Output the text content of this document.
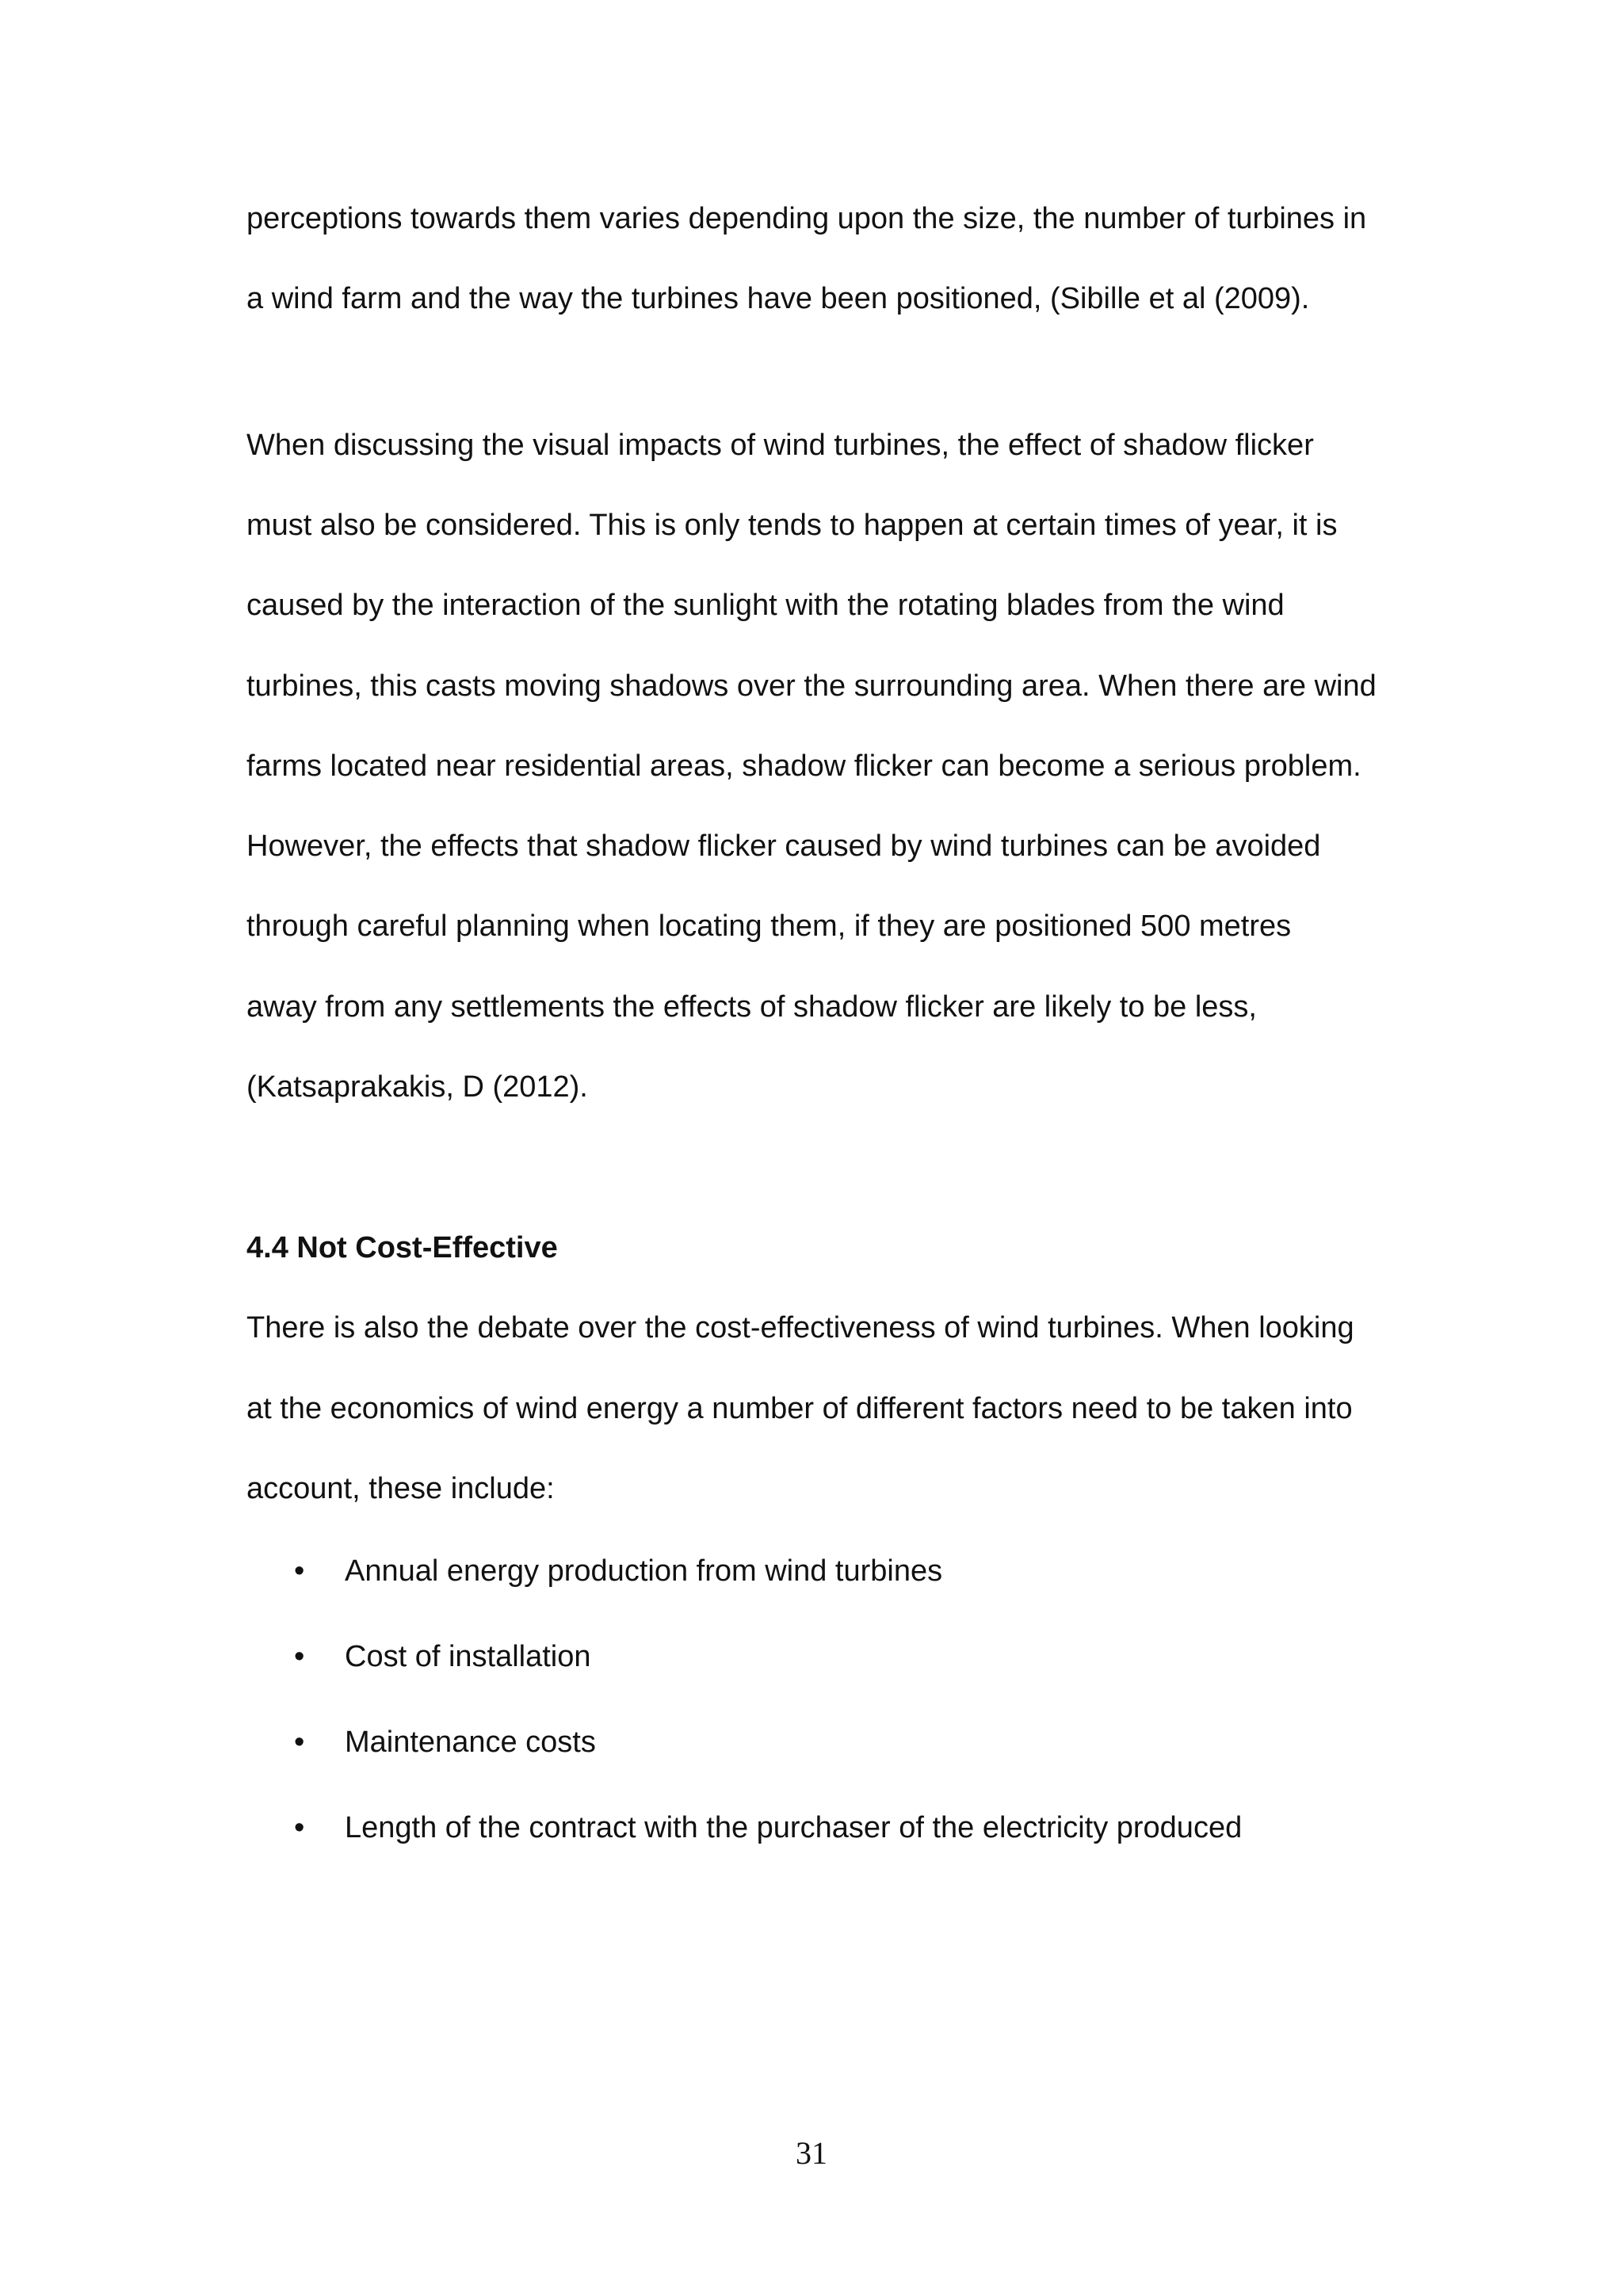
perceptions towards them varies depending upon the size, the number of turbines in
a wind farm and the way the turbines have been positioned, (Sibille et al (2009).
When discussing the visual impacts of wind turbines, the effect of shadow flicker
must also be considered. This is only tends to happen at certain times of year, it is
caused by the interaction of the sunlight with the rotating blades from the wind
turbines, this casts moving shadows over the surrounding area. When there are wind
farms located near residential areas, shadow flicker can become a serious problem.
However, the effects that shadow flicker caused by wind turbines can be avoided
through careful planning when locating them, if they are positioned 500 metres
away from any settlements the effects of shadow flicker are likely to be less,
(Katsaprakakis, D (2012).
4.4 Not Cost-Effective
There is also the debate over the cost-effectiveness of wind turbines. When looking
at the economics of wind energy a number of different factors need to be taken into
account, these include:
• Annual energy production from wind turbines
• Cost of installation
• Maintenance costs
• Length of the contract with the purchaser of the electricity produced
31
